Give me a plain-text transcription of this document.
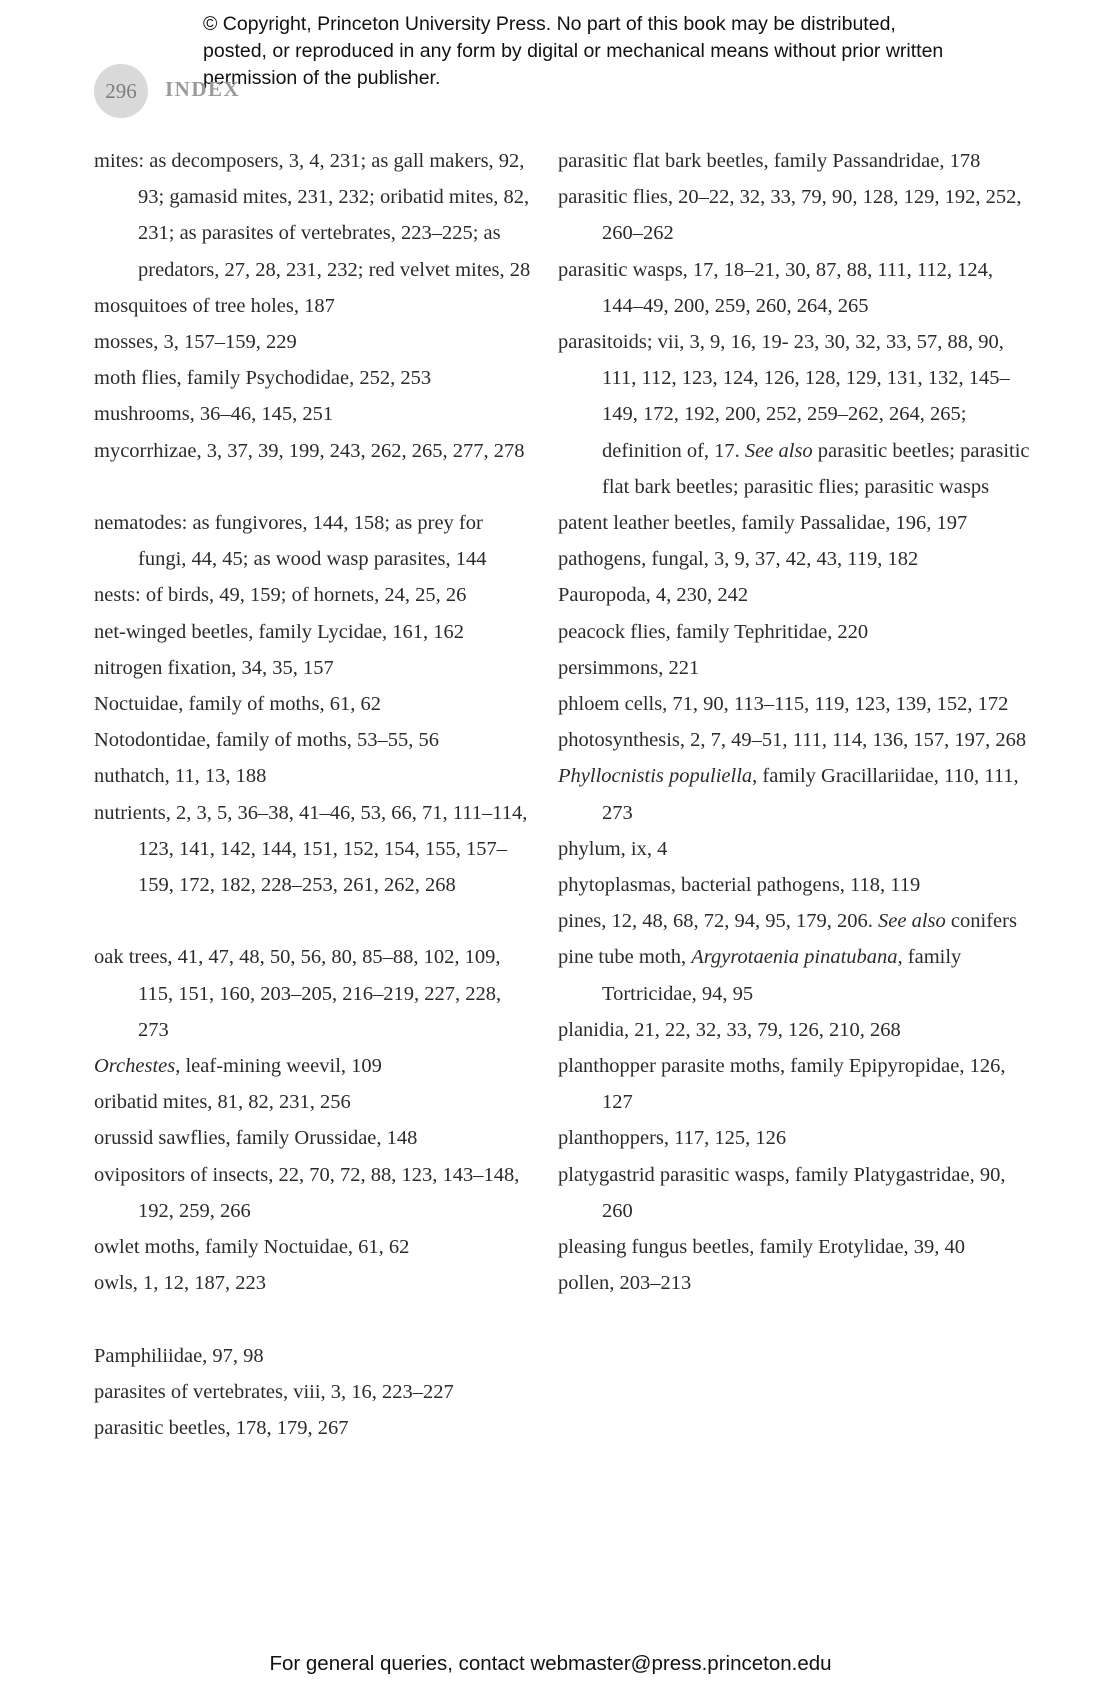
© Copyright, Princeton University Press. No part of this book may be distributed, posted, or reproduced in any form by digital or mechanical means without prior written permission of the publisher.
296	INDEX
mites: as decomposers, 3, 4, 231; as gall makers, 92, 93; gamasid mites, 231, 232; oribatid mites, 82, 231; as parasites of vertebrates, 223–225; as predators, 27, 28, 231, 232; red velvet mites, 28
mosquitoes of tree holes, 187
mosses, 3, 157–159, 229
moth flies, family Psychodidae, 252, 253
mushrooms, 36–46, 145, 251
mycorrhizae, 3, 37, 39, 199, 243, 262, 265, 277, 278
nematodes: as fungivores, 144, 158; as prey for fungi, 44, 45; as wood wasp parasites, 144
nests: of birds, 49, 159; of hornets, 24, 25, 26
net-winged beetles, family Lycidae, 161, 162
nitrogen fixation, 34, 35, 157
Noctuidae, family of moths, 61, 62
Notodontidae, family of moths, 53–55, 56
nuthatch, 11, 13, 188
nutrients, 2, 3, 5, 36–38, 41–46, 53, 66, 71, 111–114, 123, 141, 142, 144, 151, 152, 154, 155, 157–159, 172, 182, 228–253, 261, 262, 268
oak trees, 41, 47, 48, 50, 56, 80, 85–88, 102, 109, 115, 151, 160, 203–205, 216–219, 227, 228, 273
Orchestes, leaf-mining weevil, 109
oribatid mites, 81, 82, 231, 256
orussid sawflies, family Orussidae, 148
ovipositors of insects, 22, 70, 72, 88, 123, 143–148, 192, 259, 266
owlet moths, family Noctuidae, 61, 62
owls, 1, 12, 187, 223
Pamphiliidae, 97, 98
parasites of vertebrates, viii, 3, 16, 223–227
parasitic beetles, 178, 179, 267
parasitic flat bark beetles, family Passandridae, 178
parasitic flies, 20–22, 32, 33, 79, 90, 128, 129, 192, 252, 260–262
parasitic wasps, 17, 18–21, 30, 87, 88, 111, 112, 124, 144–49, 200, 259, 260, 264, 265
parasitoids; vii, 3, 9, 16, 19- 23, 30, 32, 33, 57, 88, 90, 111, 112, 123, 124, 126, 128, 129, 131, 132, 145–149, 172, 192, 200, 252, 259–262, 264, 265; definition of, 17. See also parasitic beetles; parasitic flat bark beetles; parasitic flies; parasitic wasps
patent leather beetles, family Passalidae, 196, 197
pathogens, fungal, 3, 9, 37, 42, 43, 119, 182
Pauropoda, 4, 230, 242
peacock flies, family Tephritidae, 220
persimmons, 221
phloem cells, 71, 90, 113–115, 119, 123, 139, 152, 172
photosynthesis, 2, 7, 49–51, 111, 114, 136, 157, 197, 268
Phyllocnistis populiella, family Gracillariidae, 110, 111, 273
phylum, ix, 4
phytoplasmas, bacterial pathogens, 118, 119
pines, 12, 48, 68, 72, 94, 95, 179, 206. See also conifers
pine tube moth, Argyrotaenia pinatubana, family Tortricidae, 94, 95
planidia, 21, 22, 32, 33, 79, 126, 210, 268
planthopper parasite moths, family Epipyropidae, 126, 127
planthoppers, 117, 125, 126
platygastrid parasitic wasps, family Platygastridae, 90, 260
pleasing fungus beetles, family Erotylidae, 39, 40
pollen, 203–213
For general queries, contact webmaster@press.princeton.edu
